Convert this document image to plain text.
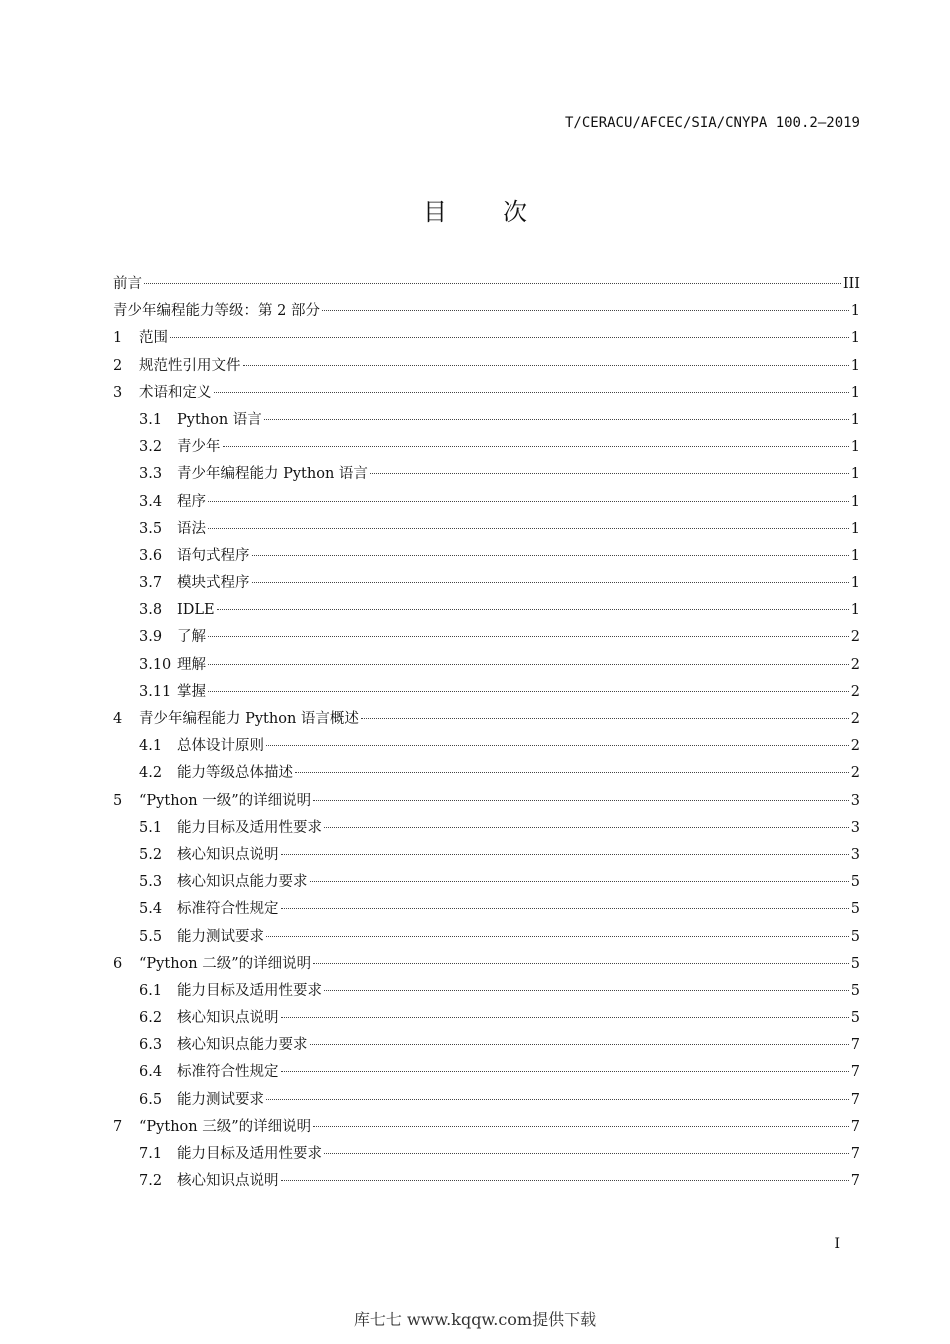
T/CERACU/AFCEC/SIA/CNYPA 100.2—2019
目 次
前言	III
青少年编程能力等级：第 2 部分	1
1	范围	1
2	规范性引用文件	1
3	术语和定义	1
3.1	Python 语言	1
3.2	青少年	1
3.3	青少年编程能力 Python 语言	1
3.4	程序	1
3.5	语法	1
3.6	语句式程序	1
3.7	模块式程序	1
3.8	IDLE	1
3.9	了解	2
3.10 理解	2
3.11 掌握	2
4	青少年编程能力 Python 语言概述	2
4.1	总体设计原则	2
4.2	能力等级总体描述	2
5	“Python 一级”的详细说明	3
5.1	能力目标及适用性要求	3
5.2	核心知识点说明	3
5.3	核心知识点能力要求	5
5.4	标准符合性规定	5
5.5	能力测试要求	5
6	“Python 二级”的详细说明	5
6.1	能力目标及适用性要求	5
6.2	核心知识点说明	5
6.3	核心知识点能力要求	7
6.4	标准符合性规定	7
6.5	能力测试要求	7
7	“Python 三级”的详细说明	7
7.1	能力目标及适用性要求	7
7.2	核心知识点说明	7
I
库七七 www.kqqw.com提供下载
